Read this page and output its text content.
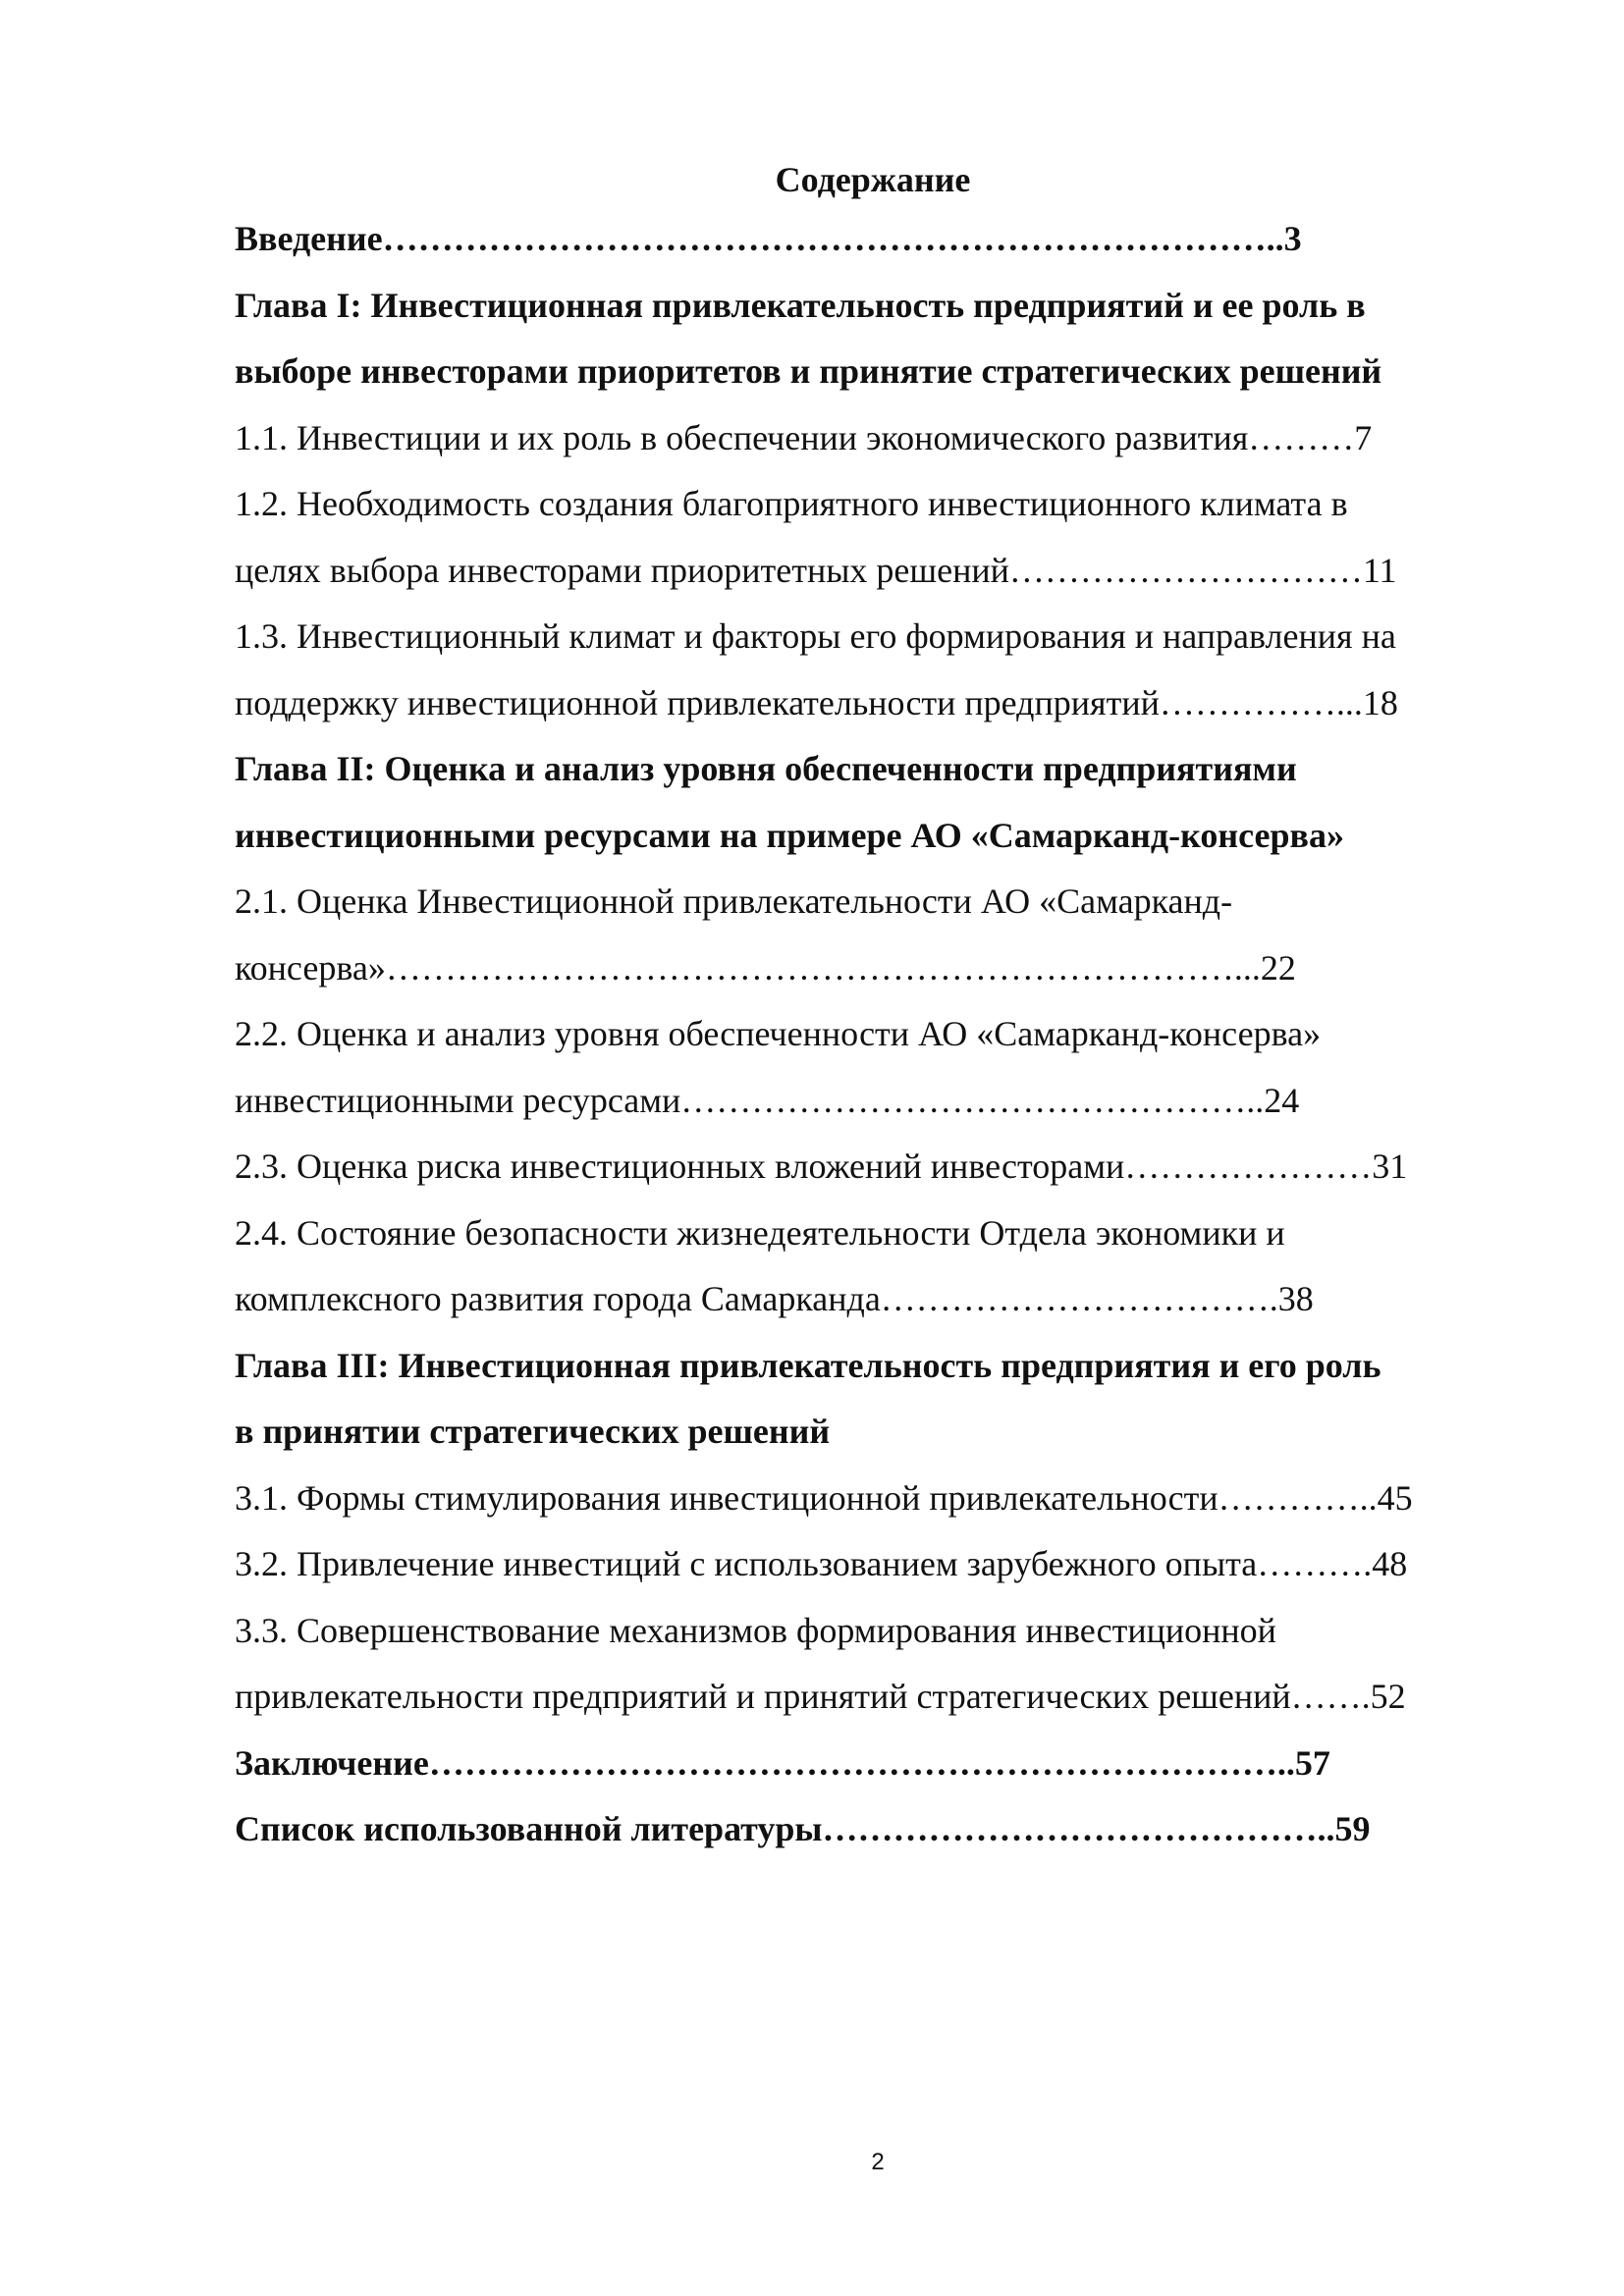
Содержание
Введение…………………………………………………………………..3
Глава I: Инвестиционная привлекательность предприятий и ее роль в
выборе инвесторами приоритетов и принятие стратегических решений
1.1. Инвестиции и их роль в обеспечении экономического развития………7
1.2. Необходимость создания благоприятного инвестиционного климата в
целях выбора инвесторами приоритетных решений…………………………11
1.3. Инвестиционный климат и факторы его формирования и направления на
поддержку инвестиционной привлекательности предприятий……………...18
Глава II: Оценка и анализ уровня обеспеченности предприятиями
инвестиционными ресурсами на примере АО «Самарканд-консерва»
2.1. Оценка Инвестиционной привлекательности АО «Самарканд-
консерва»………………………………………………………………...22
2.2. Оценка и анализ уровня обеспеченности АО «Самарканд-консерва»
инвестиционными ресурсами…………………………………………..24
2.3. Оценка риска инвестиционных вложений инвесторами…………………31
2.4. Состояние безопасности жизнедеятельности Отдела экономики и
комплексного развития города Самарканда…………………………….38
Глава III: Инвестиционная привлекательность предприятия и его роль
в принятии стратегических решений
3.1. Формы стимулирования инвестиционной привлекательности…………..45
3.2. Привлечение инвестиций с использованием зарубежного опыта……….48
3.3. Совершенствование механизмов формирования инвестиционной
привлекательности предприятий и принятий стратегических решений…….52
Заключение………………………………………………………………..57
Список использованной литературы……………………………………..59
2
